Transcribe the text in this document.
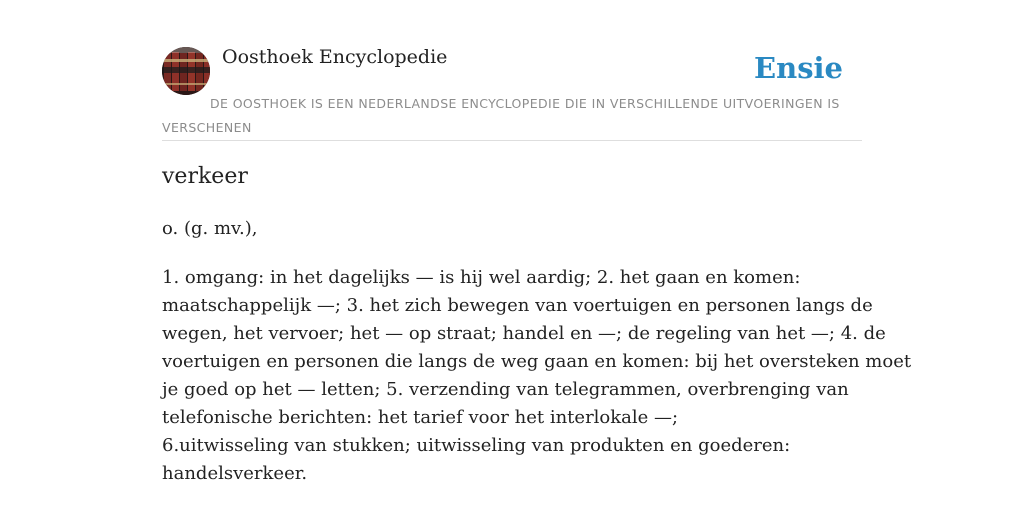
Oosthoek Encyclopedie	Ensie
DE OOSTHOEK IS EEN NEDERLANDSE ENCYCLOPEDIE DIE IN VERSCHILLENDE UITVOERINGEN IS VERSCHENEN
verkeer

o. (g. mv.),

1. omgang: in het dagelijks — is hij wel aardig; 2. het gaan en komen:
maatschappelijk —; 3. het zich bewegen van voertuigen en personen langs de
wegen, het vervoer; het — op straat; handel en —; de regeling van het —; 4. de
voertuigen en personen die langs de weg gaan en komen: bij het oversteken moet
je goed op het — letten; 5. verzending van telegrammen, overbrenging van
telefonische berichten: het tarief voor het interlokale —;
6.uitwisseling van stukken; uitwisseling van produkten en goederen:
handelsverkeer.
